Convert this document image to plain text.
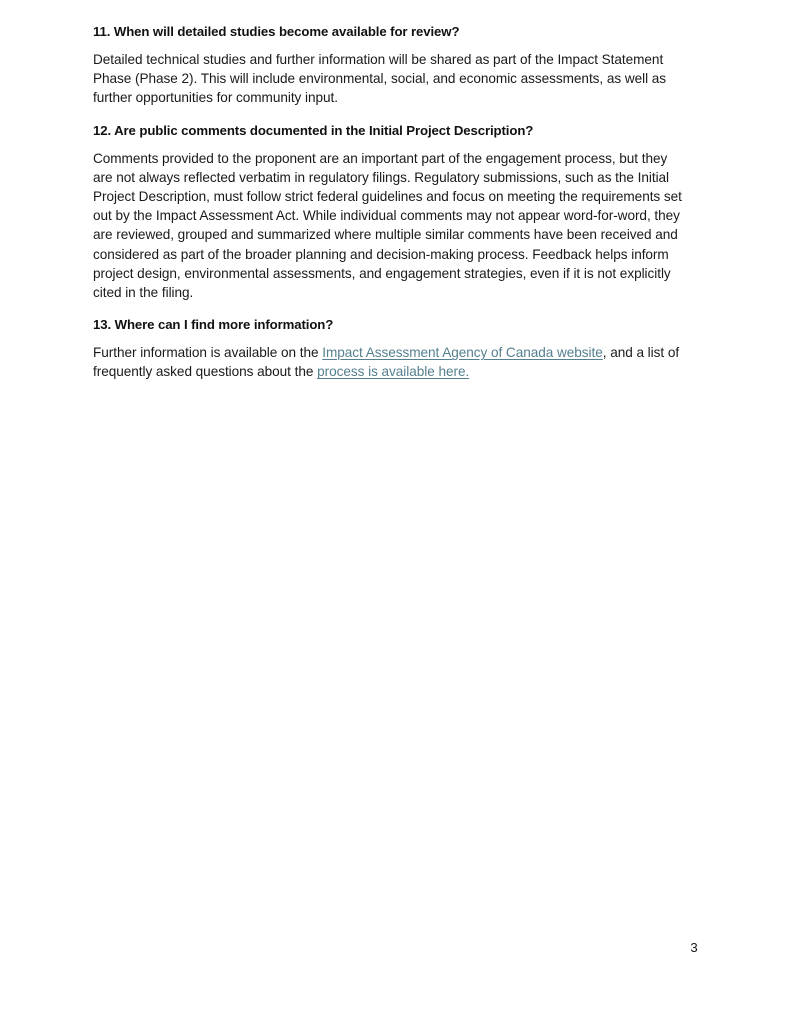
11. When will detailed studies become available for review?

Detailed technical studies and further information will be shared as part of the Impact Statement Phase (Phase 2). This will include environmental, social, and economic assessments, as well as further opportunities for community input.

12. Are public comments documented in the Initial Project Description?

Comments provided to the proponent are an important part of the engagement process, but they are not always reflected verbatim in regulatory filings. Regulatory submissions, such as the Initial Project Description, must follow strict federal guidelines and focus on meeting the requirements set out by the Impact Assessment Act. While individual comments may not appear word-for-word, they are reviewed, grouped and summarized where multiple similar comments have been received and considered as part of the broader planning and decision-making process. Feedback helps inform project design, environmental assessments, and engagement strategies, even if it is not explicitly cited in the filing.

13. Where can I find more information?

Further information is available on the Impact Assessment Agency of Canada website, and a list of frequently asked questions about the process is available here.

3
